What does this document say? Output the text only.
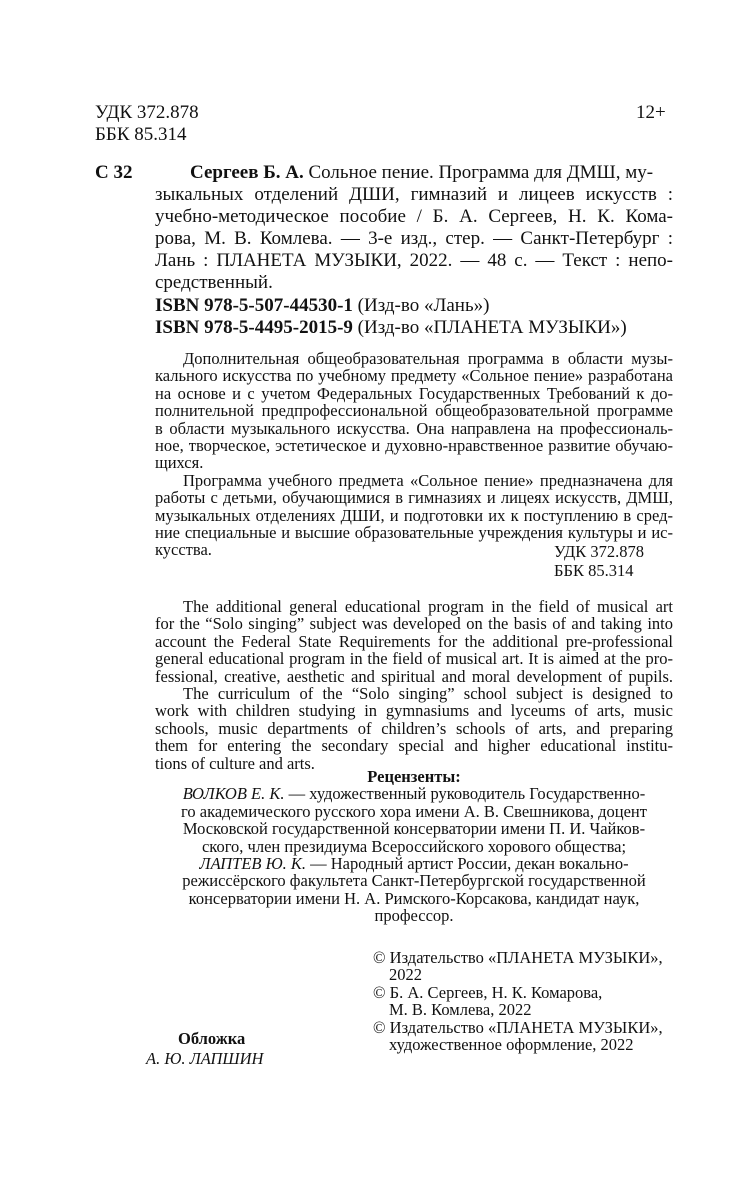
УДК 372.878
ББК 85.314
12+
С 32	Сергеев Б. А. Сольное пение. Программа для ДМШ, му-
зыкальных отделений ДШИ, гимназий и лицеев искусств :
учебно-методическое пособие / Б. А. Сергеев, Н. К. Кома-
рова, М. В. Комлева. — 3-е изд., стер. — Санкт-Петербург :
Лань : ПЛАНЕТА МУЗЫКИ, 2022. — 48 с. — Текст : непо-
средственный.
ISBN 978-5-507-44530-1 (Изд-во «Лань»)
ISBN 978-5-4495-2015-9 (Изд-во «ПЛАНЕТА МУЗЫКИ»)
Дополнительная общеобразовательная программа в области музы-
кального искусства по учебному предмету «Сольное пение» разработана
на основе и с учетом Федеральных Государственных Требований к до-
полнительной предпрофессиональной общеобразовательной программе
в области музыкального искусства. Она направлена на профессиональ-
ное, творческое, эстетическое и духовно-нравственное развитие обучаю-
щихся.
Программа учебного предмета «Сольное пение» предназначена для
работы с детьми, обучающимися в гимназиях и лицеях искусств, ДМШ,
музыкальных отделениях ДШИ, и подготовки их к поступлению в сред-
ние специальные и высшие образовательные учреждения культуры и ис-
кусства.	УДК 372.878
ББК 85.314
The additional general educational program in the field of musical art
for the “Solo singing” subject was developed on the basis of and taking into
account the Federal State Requirements for the additional pre-professional
general educational program in the field of musical art. It is aimed at the pro-
fessional, creative, aesthetic and spiritual and moral development of pupils.
The curriculum of the “Solo singing” school subject is designed to
work with children studying in gymnasiums and lyceums of arts, music
schools, music departments of children’s schools of arts, and preparing
them for entering the secondary special and higher educational institu-
tions of culture and arts.
Рецензенты:
ВОЛКОВ Е. К. — художественный руководитель Государственно-
го академического русского хора имени А. В. Свешникова, доцент
Московской государственной консерватории имени П. И. Чайков-
ского, член президиума Всероссийского хорового общества;
ЛАПТЕВ Ю. К. — Народный артист России, декан вокально-
режиссёрского факультета Санкт-Петербургской государственной
консерватории имени Н. А. Римского-Корсакова, кандидат наук,
профессор.
© Издательство «ПЛАНЕТА МУЗЫКИ»,
2022
© Б. А. Сергеев, Н. К. Комарова,
М. В. Комлева, 2022
© Издательство «ПЛАНЕТА МУЗЫКИ»,
художественное оформление, 2022
Обложка
А. Ю. ЛАПШИН
